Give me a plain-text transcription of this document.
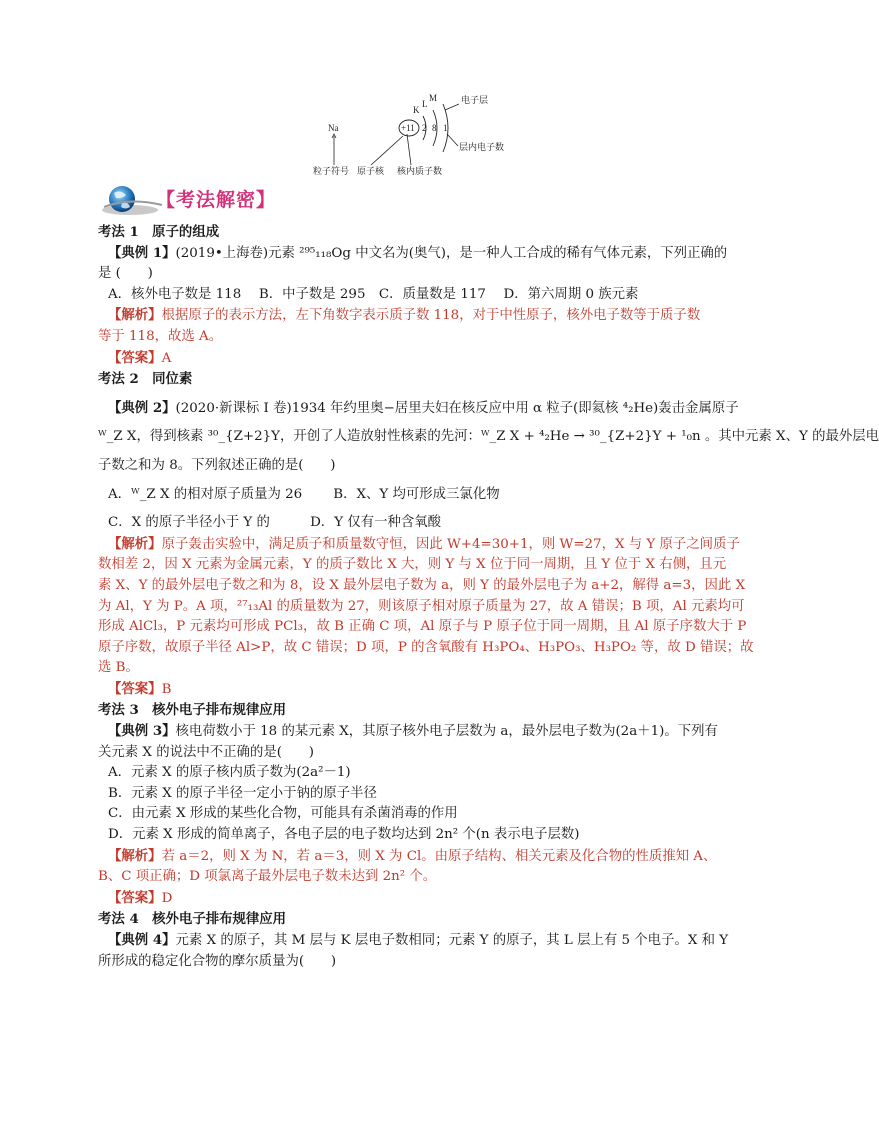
Na	+11 2 8 1
K
L
M	电子层
层内电子数
粒子符号 原子核 核内质子数
【考法解密】
考法 1　原子的组成
【典例 1】(2019•上海卷)元素 ²⁹⁵₁₁₈Og 中文名为(奥气)，是一种人工合成的稀有气体元素，下列正确的
是 (　　)
A．核外电子数是 118　 B．中子数是 295　C．质量数是 117　 D．第六周期 0 族元素
【解析】根据原子的表示方法，左下角数字表示质子数 118，对于中性原子，核外电子数等于质子数
等于 118，故选 A。
【答案】A
考法 2　同位素
【典例 2】(2020·新课标 I 卷)1934 年约里奥−居里夫妇在核反应中用 α 粒子(即氦核 ⁴₂He)轰击金属原子
ᵂ_Z X，得到核素 ³⁰_{Z+2}Y，开创了人造放射性核素的先河：ᵂ_Z X + ⁴₂He → ³⁰_{Z+2}Y + ¹₀n 。其中元素 X、Y 的最外层电
子数之和为 8。下列叙述正确的是(　　)
A．ᵂ_Z X 的相对原子质量为 26　　 B．X、Y 均可形成三氯化物
C．X 的原子半径小于 Y 的　　　D．Y 仅有一种含氧酸
【解析】原子轰击实验中，满足质子和质量数守恒，因此 W+4=30+1，则 W=27，X 与 Y 原子之间质子
数相差 2，因 X 元素为金属元素，Y 的质子数比 X 大，则 Y 与 X 位于同一周期，且 Y 位于 X 右侧，且元
素 X、Y 的最外层电子数之和为 8，设 X 最外层电子数为 a，则 Y 的最外层电子为 a+2，解得 a=3，因此 X
为 Al，Y 为 P。A 项，²⁷₁₃Al 的质量数为 27，则该原子相对原子质量为 27，故 A 错误；B 项，Al 元素均可
形成 AlCl₃，P 元素均可形成 PCl₃，故 B 正确 C 项，Al 原子与 P 原子位于同一周期，且 Al 原子序数大于 P
原子序数，故原子半径 Al>P，故 C 错误；D 项，P 的含氧酸有 H₃PO₄、H₃PO₃、H₃PO₂ 等，故 D 错误；故
选 B。
【答案】B
考法 3　核外电子排布规律应用
【典例 3】核电荷数小于 18 的某元素 X，其原子核外电子层数为 a，最外层电子数为(2a＋1)。下列有
关元素 X 的说法中不正确的是(　　)
A．元素 X 的原子核内质子数为(2a²－1)
B．元素 X 的原子半径一定小于钠的原子半径
C．由元素 X 形成的某些化合物，可能具有杀菌消毒的作用
D．元素 X 形成的简单离子，各电子层的电子数均达到 2n² 个(n 表示电子层数)
【解析】若 a＝2，则 X 为 N，若 a＝3，则 X 为 Cl。由原子结构、相关元素及化合物的性质推知 A、
B、C 项正确；D 项氯离子最外层电子数未达到 2n² 个。
【答案】D
考法 4　核外电子排布规律应用
【典例 4】元素 X 的原子，其 M 层与 K 层电子数相同；元素 Y 的原子，其 L 层上有 5 个电子。X 和 Y
所形成的稳定化合物的摩尔质量为(　　)
